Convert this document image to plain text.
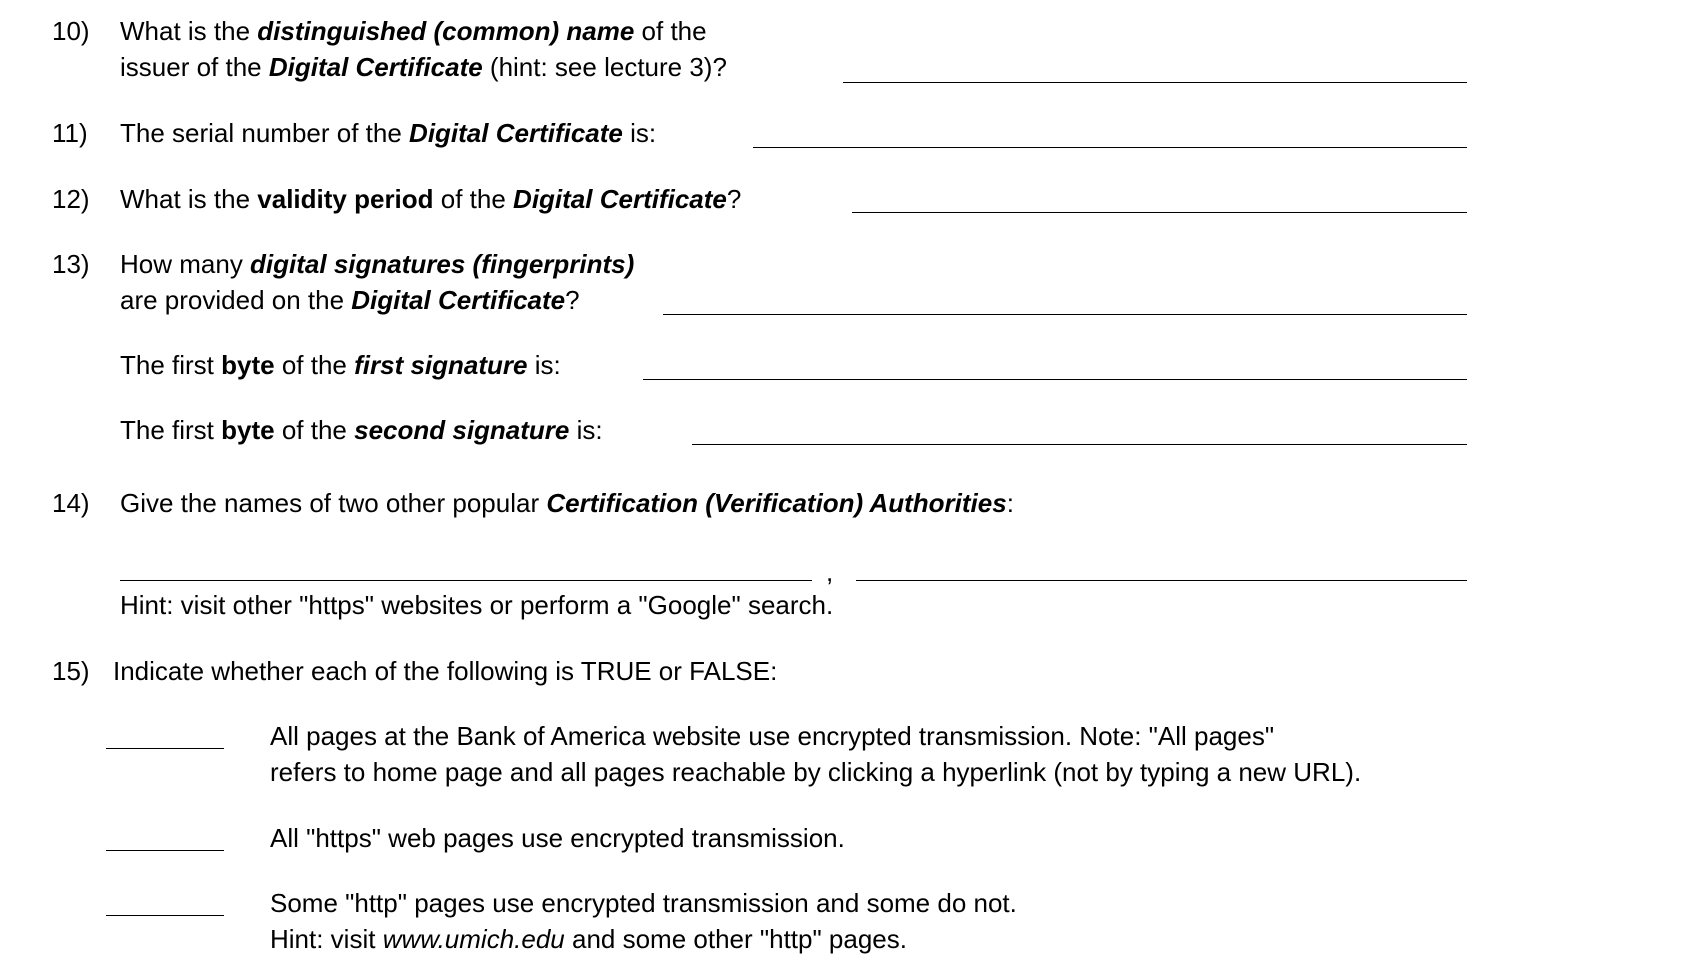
10) What is the distinguished (common) name of the
issuer of the Digital Certificate (hint: see lecture 3)?
11) The serial number of the Digital Certificate is:
12) What is the validity period of the Digital Certificate?
13) How many digital signatures (fingerprints)
are provided on the Digital Certificate?
The first byte of the first signature is:
The first byte of the second signature is:
14) Give the names of two other popular Certification (Verification) Authorities:
,
Hint: visit other "https" websites or perform a "Google" search.
15) Indicate whether each of the following is TRUE or FALSE:
All pages at the Bank of America website use encrypted transmission. Note: "All pages"
refers to home page and all pages reachable by clicking a hyperlink (not by typing a new URL).
All "https" web pages use encrypted transmission.
Some "http" pages use encrypted transmission and some do not.
Hint: visit www.umich.edu and some other "http" pages.
